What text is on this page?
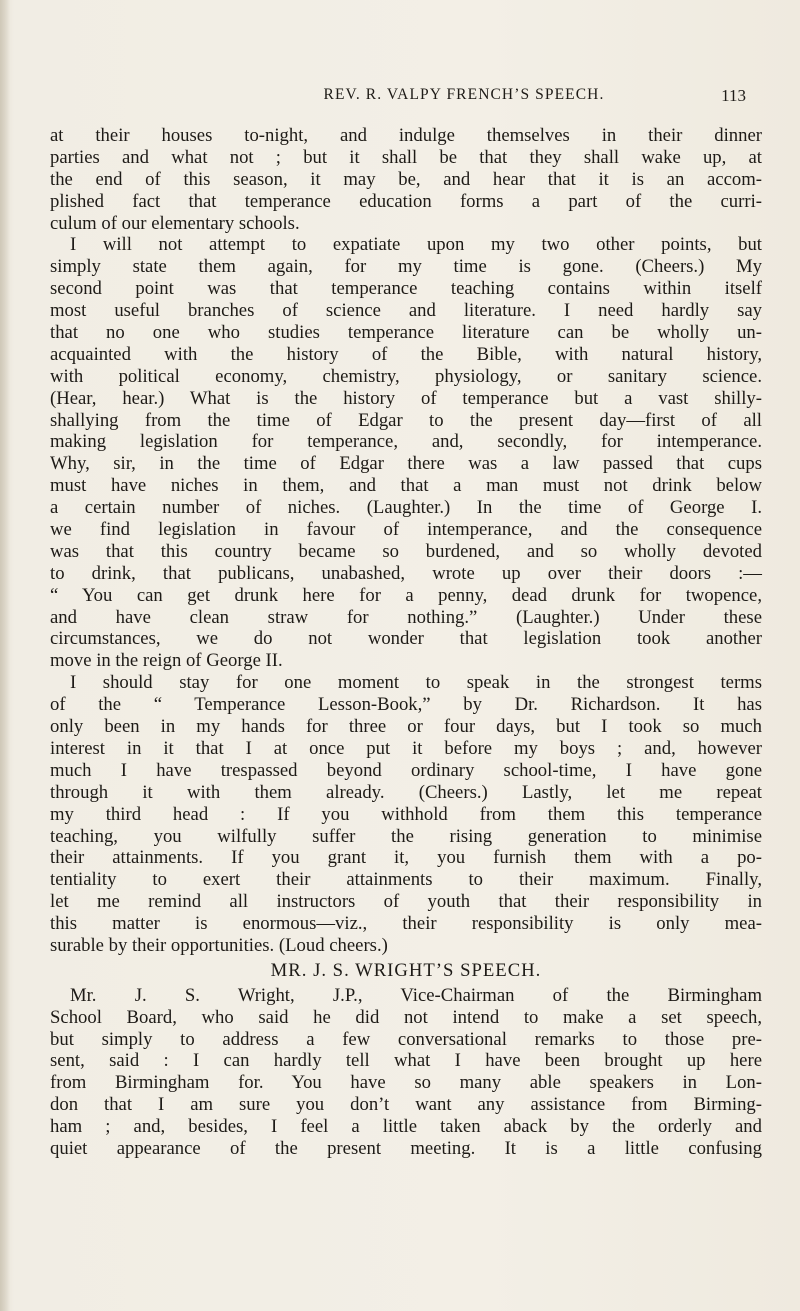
REV. R. VALPY FRENCH’S SPEECH.	113
at their houses to-night, and indulge themselves in their dinner
parties and what not ; but it shall be that they shall wake up, at
the end of this season, it may be, and hear that it is an accom-
plished fact that temperance education forms a part of the curri-
culum of our elementary schools.
I will not attempt to expatiate upon my two other points, but
simply state them again, for my time is gone. (Cheers.) My
second point was that temperance teaching contains within itself
most useful branches of science and literature. I need hardly say
that no one who studies temperance literature can be wholly un-
acquainted with the history of the Bible, with natural history,
with political economy, chemistry, physiology, or sanitary science.
(Hear, hear.) What is the history of temperance but a vast shilly-
shallying from the time of Edgar to the present day—first of all
making legislation for temperance, and, secondly, for intemperance.
Why, sir, in the time of Edgar there was a law passed that cups
must have niches in them, and that a man must not drink below
a certain number of niches. (Laughter.) In the time of George I.
we find legislation in favour of intemperance, and the consequence
was that this country became so burdened, and so wholly devoted
to drink, that publicans, unabashed, wrote up over their doors :—
“ You can get drunk here for a penny, dead drunk for twopence,
and have clean straw for nothing.” (Laughter.) Under these
circumstances, we do not wonder that legislation took another
move in the reign of George II.
I should stay for one moment to speak in the strongest terms
of the “ Temperance Lesson-Book,” by Dr. Richardson. It has
only been in my hands for three or four days, but I took so much
interest in it that I at once put it before my boys ; and, however
much I have trespassed beyond ordinary school-time, I have gone
through it with them already. (Cheers.) Lastly, let me repeat
my third head : If you withhold from them this temperance
teaching, you wilfully suffer the rising generation to minimise
their attainments. If you grant it, you furnish them with a po-
tentiality to exert their attainments to their maximum. Finally,
let me remind all instructors of youth that their responsibility in
this matter is enormous—viz., their responsibility is only mea-
surable by their opportunities. (Loud cheers.)
MR. J. S. WRIGHT’S SPEECH.
Mr. J. S. Wright, J.P., Vice-Chairman of the Birmingham
School Board, who said he did not intend to make a set speech,
but simply to address a few conversational remarks to those pre-
sent, said : I can hardly tell what I have been brought up here
from Birmingham for. You have so many able speakers in Lon-
don that I am sure you don’t want any assistance from Birming-
ham ; and, besides, I feel a little taken aback by the orderly and
quiet appearance of the present meeting. It is a little confusing
